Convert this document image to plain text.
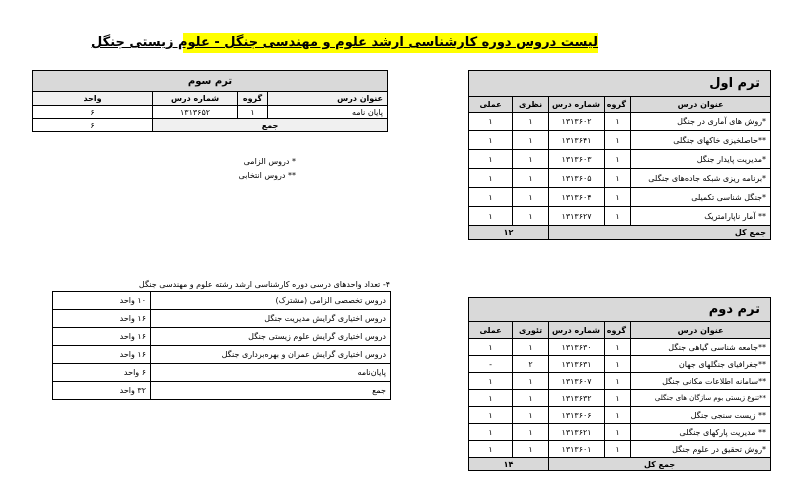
لیست دروس دوره کارشناسی ارشد علوم و مهندسی جنگل - علوم زیستی جنگل
ترم سوم			
عنوان درس	گروه	شماره درس	واحد
پایان نامه	۱	۱۳۱۳۶۵۲	۶
جمع			۶
ترم اول				
عنوان درس	گروه	شماره درس	نظری	عملی
*روش های آماری در جنگل	۱	۱۳۱۳۶۰۲	۱	۱
**حاصلخیزی خاکهای جنگلی	۱	۱۳۱۳۶۴۱	۱	۱
*مدیریت پایدار جنگل	۱	۱۳۱۳۶۰۳	۱	۱
*برنامه ریزی شبکه جاده‌های جنگلی	۱	۱۳۱۳۶۰۵	۱	۱
*جنگل شناسی تکمیلی	۱	۱۳۱۳۶۰۴	۱	۱
** آمار ناپارامتریک	۱	۱۳۱۳۶۲۷	۱	۱
جمع کل			۱۲	
* دروس الزامی
** دروس انتخابی
۴- تعداد واحدهای درسی دوره کارشناسی ارشد رشته علوم و مهندسی جنگل
دروس تخصصی الزامی (مشترک)	۱۰ واحد
دروس اختیاری گرایش مدیریت جنگل	۱۶ واحد
دروس اختیاری گرایش علوم زیستی جنگل	۱۶ واحد
دروس اختیاری گرایش عمران و بهره‌برداری جنگل	۱۶ واحد
پایان‌نامه	۶ واحد
جمع	۳۲ واحد
ترم دوم				
عنوان درس	گروه	شماره درس	تئوری	عملی
**جامعه شناسی گیاهی جنگل	۱	۱۳۱۳۶۳۰	۱	۱
**جغرافیای جنگلهای جهان	۱	۱۳۱۳۶۳۱	۲	-
**سامانه اطلاعات مکانی جنگل	۱	۱۳۱۳۶۰۷	۱	۱
**تنوع زیستی بوم سازگان های جنگلی	۱	۱۳۱۳۶۳۲	۱	۱
** زیست سنجی جنگل	۱	۱۳۱۳۶۰۶	۱	۱
** مدیریت پارکهای جنگلی	۱	۱۳۱۳۶۲۱	۱	۱
*روش تحقیق در علوم جنگل	۱	۱۳۱۳۶۰۱	۱	۱
جمع کل			۱۴	
